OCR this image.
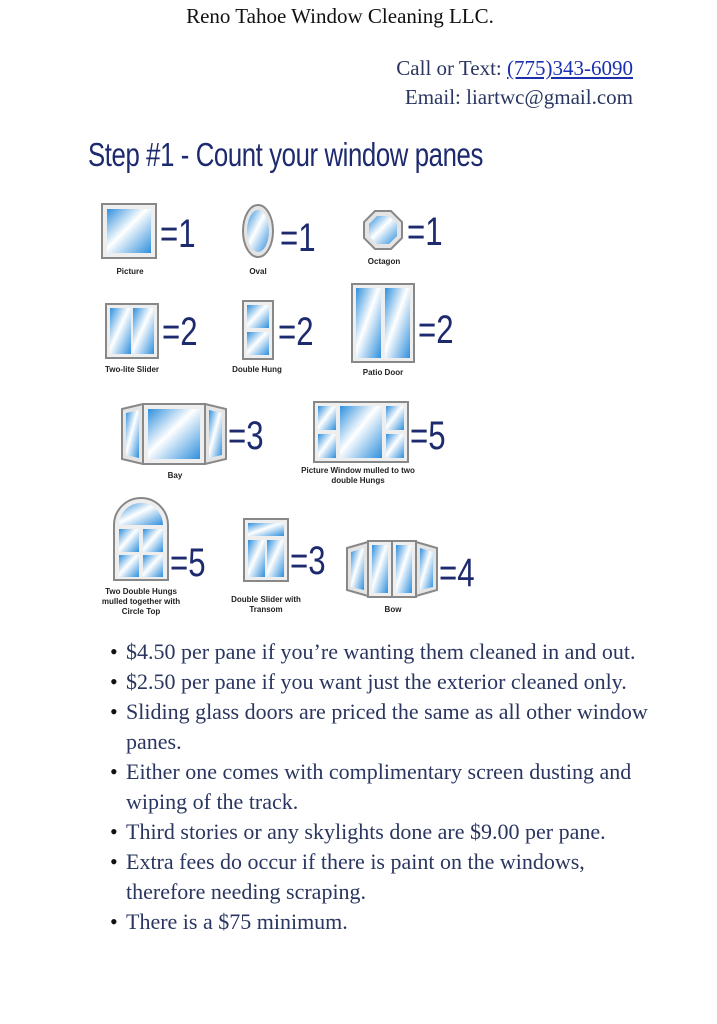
Reno Tahoe Window Cleaning LLC.
Call or Text: (775)343-6090
Email: liartwc@gmail.com
Step #1 - Count your window panes
=1
Picture
=1
Oval
=1
Octagon
=2
Two-lite Slider
=2
Double Hung
=2
Patio Door
=3
Bay
=5
Picture Window mulled to two double Hungs
=5
Two Double Hungs mulled together with Circle Top
=3
Double Slider with Transom
=4
Bow
• $4.50 per pane if you’re wanting them cleaned in and out.
• $2.50 per pane if you want just the exterior cleaned only.
• Sliding glass doors are priced the same as all other window panes.
• Either one comes with complimentary screen dusting and wiping of the track.
• Third stories or any skylights done are $9.00 per pane.
• Extra fees do occur if there is paint on the windows, therefore needing scraping.
• There is a $75 minimum.
